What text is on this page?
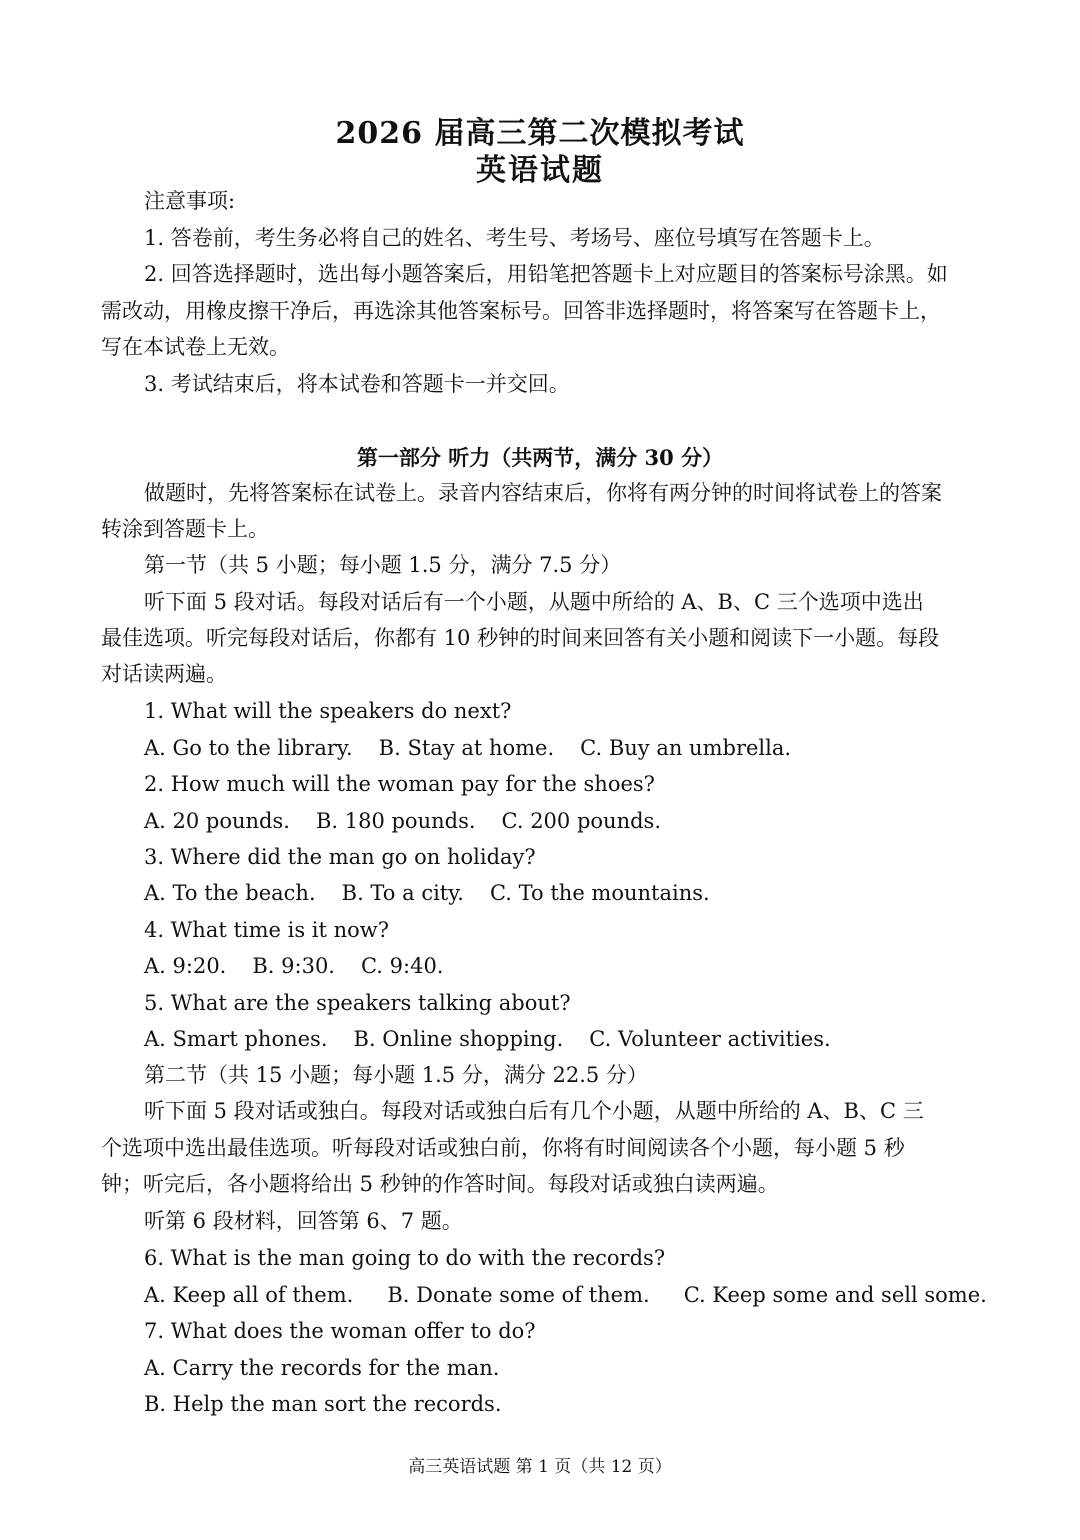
2026 届高三第二次模拟考试
英语试题
注意事项:
1. 答卷前，考生务必将自己的姓名、考生号、考场号、座位号填写在答题卡上。
2. 回答选择题时，选出每小题答案后，用铅笔把答题卡上对应题目的答案标号涂黑。如
需改动，用橡皮擦干净后，再选涂其他答案标号。回答非选择题时，将答案写在答题卡上，
写在本试卷上无效。
3. 考试结束后，将本试卷和答题卡一并交回。
第一部分 听力（共两节，满分 30 分）
做题时，先将答案标在试卷上。录音内容结束后，你将有两分钟的时间将试卷上的答案
转涂到答题卡上。
第一节（共 5 小题；每小题 1.5 分，满分 7.5 分）
听下面 5 段对话。每段对话后有一个小题，从题中所给的 A、B、C 三个选项中选出
最佳选项。听完每段对话后，你都有 10 秒钟的时间来回答有关小题和阅读下一小题。每段
对话读两遍。
1. What will the speakers do next?
A. Go to the library. B. Stay at home. C. Buy an umbrella.
2. How much will the woman pay for the shoes?
A. 20 pounds. B. 180 pounds. C. 200 pounds.
3. Where did the man go on holiday?
A. To the beach. B. To a city. C. To the mountains.
4. What time is it now?
A. 9:20. B. 9:30. C. 9:40.
5. What are the speakers talking about?
A. Smart phones. B. Online shopping. C. Volunteer activities.
第二节（共 15 小题；每小题 1.5 分，满分 22.5 分）
听下面 5 段对话或独白。每段对话或独白后有几个小题，从题中所给的 A、B、C 三
个选项中选出最佳选项。听每段对话或独白前，你将有时间阅读各个小题，每小题 5 秒
钟；听完后，各小题将给出 5 秒钟的作答时间。每段对话或独白读两遍。
听第 6 段材料，回答第 6、7 题。
6. What is the man going to do with the records?
A. Keep all of them. B. Donate some of them. C. Keep some and sell some.
7. What does the woman offer to do?
A. Carry the records for the man.
B. Help the man sort the records.
高三英语试题 第 1 页（共 12 页）
